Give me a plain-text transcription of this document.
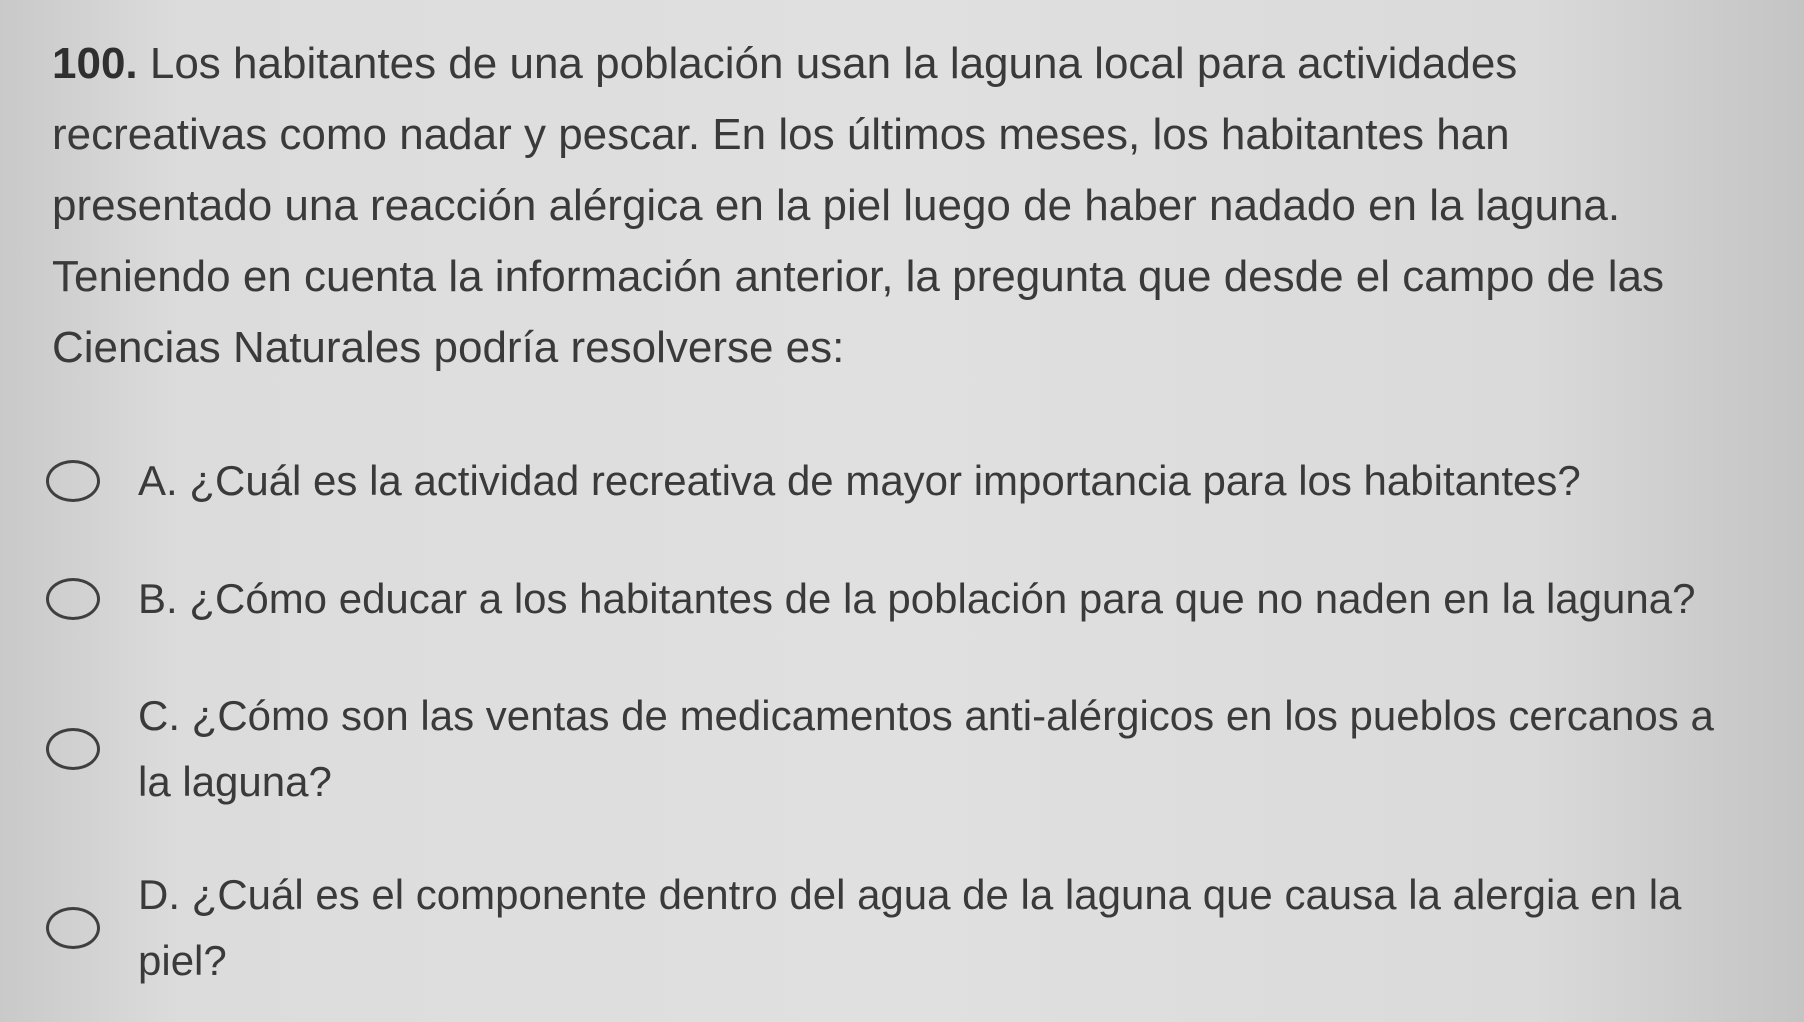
100. Los habitantes de una población usan la laguna local para actividades
recreativas como nadar y pescar. En los últimos meses, los habitantes han
presentado una reacción alérgica en la piel luego de haber nadado en la laguna.
Teniendo en cuenta la información anterior, la pregunta que desde el campo de las
Ciencias Naturales podría resolverse es:
A. ¿Cuál es la actividad recreativa de mayor importancia para los habitantes?
B. ¿Cómo educar a los habitantes de la población para que no naden en la laguna?
C. ¿Cómo son las ventas de medicamentos anti-alérgicos en los pueblos cercanos a
la laguna?
D. ¿Cuál es el componente dentro del agua de la laguna que causa la alergia en la
piel?
